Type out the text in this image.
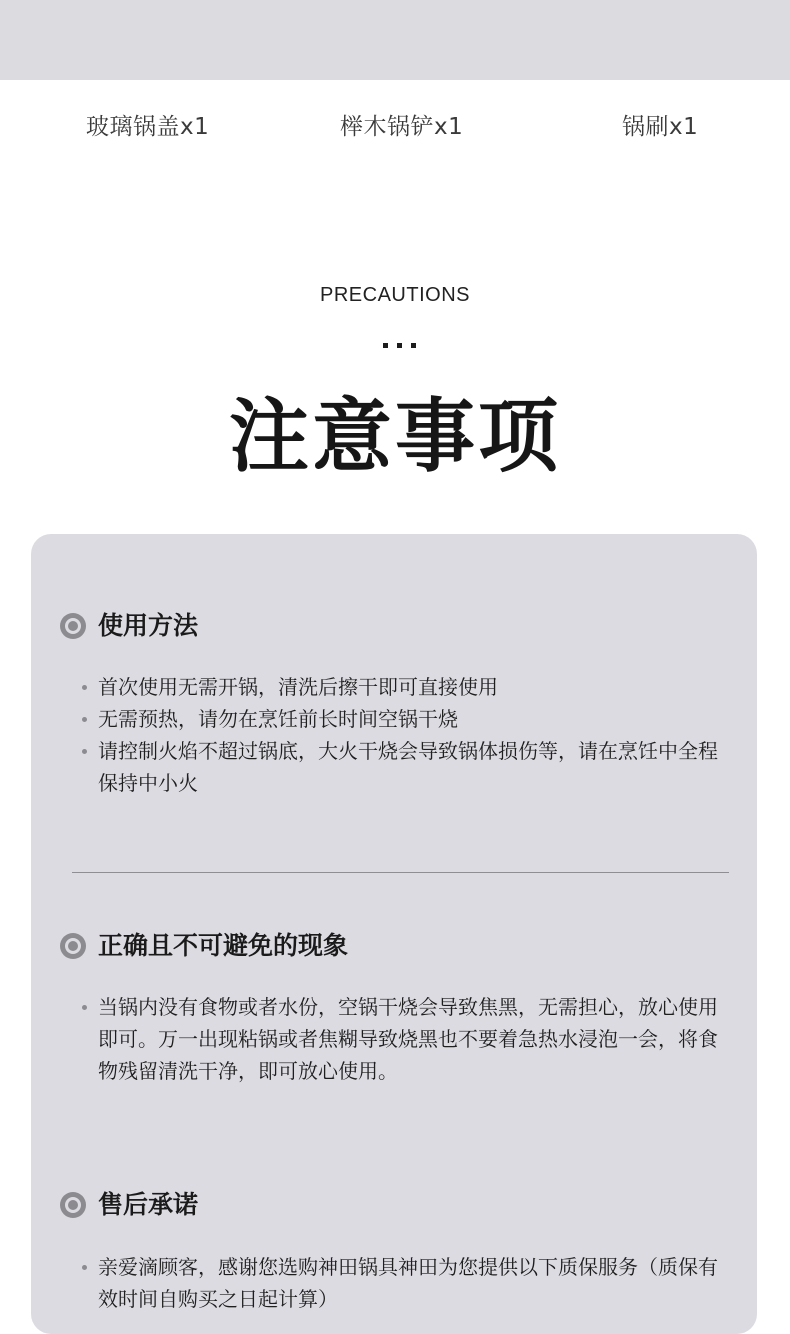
玻璃锅盖x1	榉木锅铲x1	锅刷x1
PRECAUTIONS
注意事项
使用方法
首次使用无需开锅，清洗后擦干即可直接使用
无需预热，请勿在烹饪前长时间空锅干烧
请控制火焰不超过锅底，大火干烧会导致锅体损伤等，请在烹饪中全程保持中小火
正确且不可避免的现象
当锅内没有食物或者水份，空锅干烧会导致焦黑，无需担心，放心使用即可。万一出现粘锅或者焦糊导致烧黑也不要着急热水浸泡一会，将食物残留清洗干净，即可放心使用。
售后承诺
亲爱滴顾客，感谢您选购神田锅具神田为您提供以下质保服务（质保有效时间自购买之日起计算）
